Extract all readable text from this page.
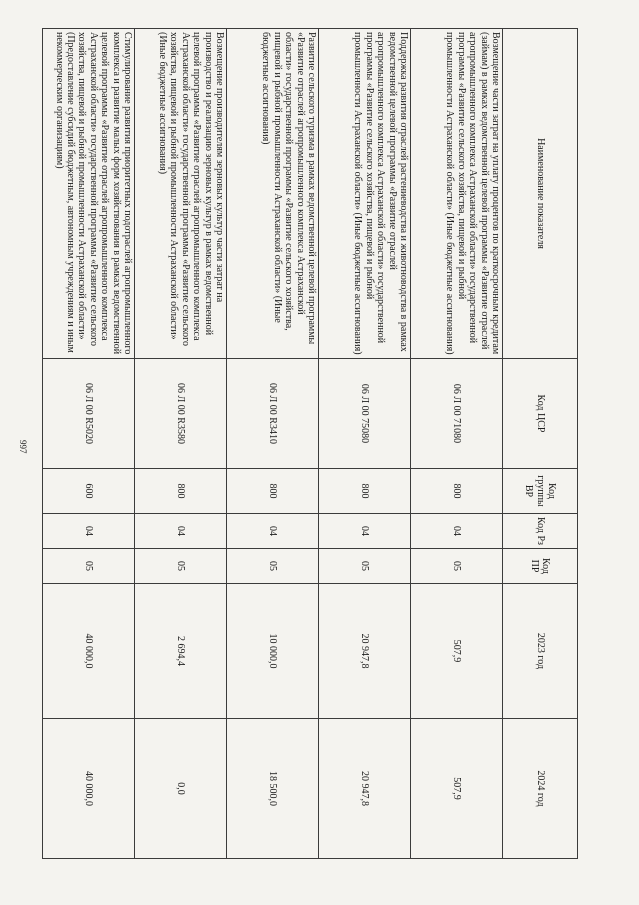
997
Наименование показателя	Код ЦСР	Код группы ВР	Код Рз	Код ПР	2023 год	2024 год
Возмещение части затрат на уплату процентов по краткосрочным кредитам (займам) в рамках ведомственной целевой программы «Развитие отраслей агропромышленного комплекса Астраханской области» государственной программы «Развитие сельского хозяйства, пищевой и рыбной промышленности Астраханской области» (Иные бюджетные ассигнования)	06 Л 00 71080	800	04	05	507,9	507,9
Поддержка развития отраслей растениеводства и животноводства в рамках ведомственной целевой программы «Развитие отраслей агропромышленного комплекса Астраханской области» государственной программы «Развитие сельского хозяйства, пищевой и рыбной промышленности Астраханской области» (Иные бюджетные ассигнования)	06 Л 00 75080	800	04	05	20 947,8	20 947,8
Развитие сельского туризма в рамках ведомственной целевой программы «Развитие отраслей агропромышленного комплекса Астраханской области» государственной программы «Развитие сельского хозяйства, пищевой и рыбной промышленности Астраханской области» (Иные бюджетные ассигнования)	06 Л 00 R3410	800	04	05	10 000,0	18 500,0
Возмещение производителям зерновых культур части затрат на производство и реализацию зерновых культур в рамках ведомственной целевой программы «Развитие отраслей агропромышленного комплекса Астраханской области» государственной программы «Развитие сельского хозяйства, пищевой и рыбной промышленности Астраханской области» (Иные бюджетные ассигнования)	06 Л 00 R3580	800	04	05	2 694,4	0,0
Стимулирование развития приоритетных подотраслей агропромышленного комплекса и развитие малых форм хозяйствования в рамках ведомственной целевой программы «Развитие отраслей агропромышленного комплекса Астраханской области» государственной программы «Развитие сельского хозяйства, пищевой и рыбной промышленности Астраханской области» (Предоставление субсидий бюджетным, автономным учреждениям и иным некоммерческим организациям)	06 Л 00 R5020	600	04	05	40 000,0	40 000,0
